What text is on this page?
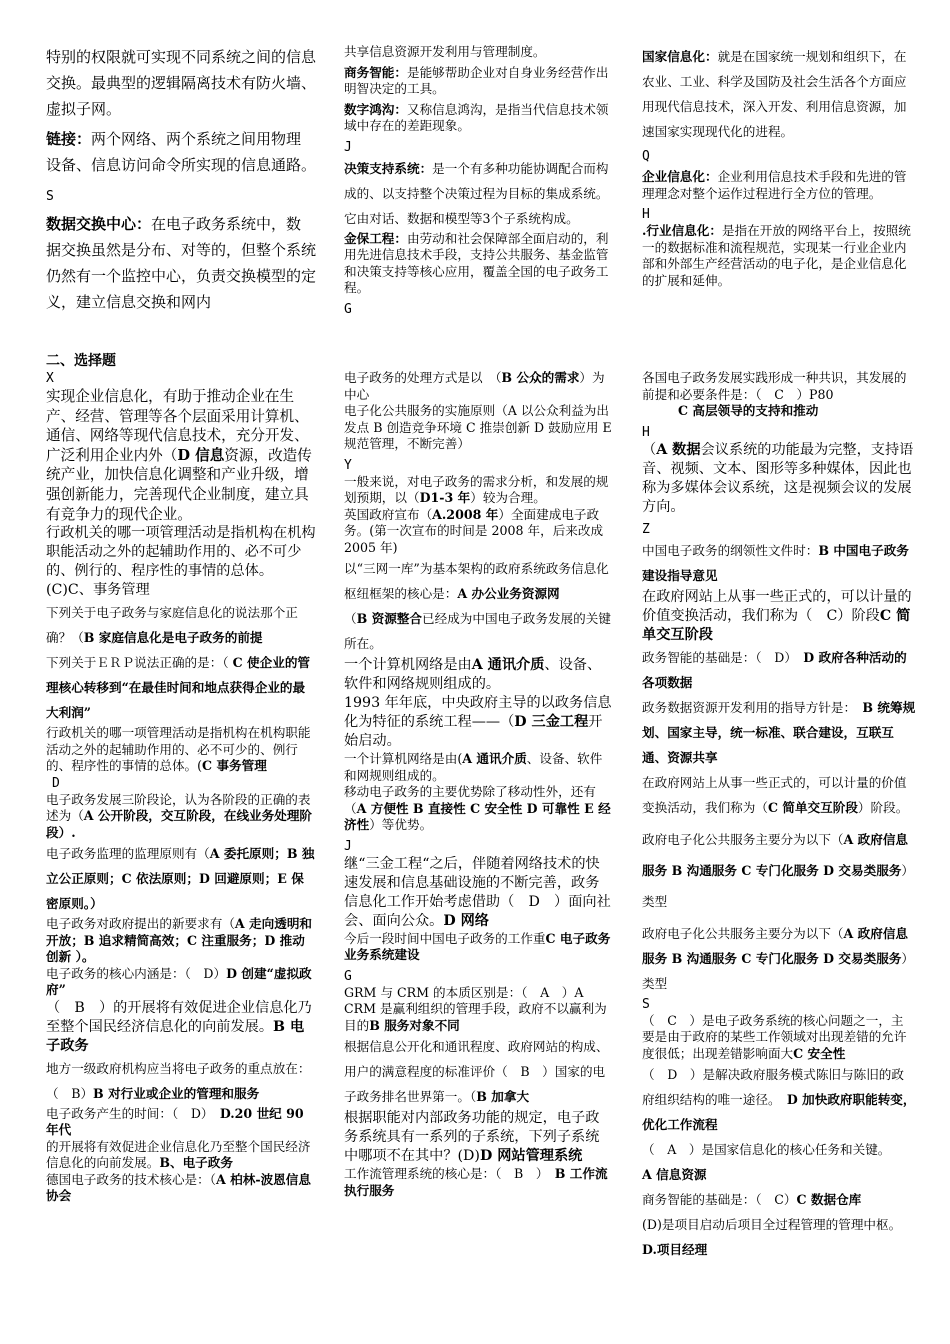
特别的权限就可实现不同系统之间的信息交换。最典型的逻辑隔离技术有防火墙、虚拟子网。

链接：两个网络、两个系统之间用物理设备、信息访问命令所实现的信息通路。

S

数据交换中心：在电子政务系统中，数据交换虽然是分布、对等的，但整个系统仍然有一个监控中心，负责交换模型的定义，建立信息交换和网内

共享信息资源开发利用与管理制度。

商务智能：是能够帮助企业对自身业务经营作出明智决定的工具。

数字鸿沟：又称信息鸿沟，是指当代信息技术领域中存在的差距现象。

J

决策支持系统：是一个有多种功能协调配合而构成的、以支持整个决策过程为目标的集成系统。它由对话、数据和模型等3个子系统构成。

金保工程：由劳动和社会保障部全面启动的，利用先进信息技术手段，支持公共服务、基金监管和决策支持等核心应用，覆盖全国的电子政务工程。

G

国家信息化：就是在国家统一规划和组织下，在农业、工业、科学及国防及社会生活各个方面应用现代信息技术，深入开发、利用信息资源，加速国家实现现代化的进程。

Q

企业信息化：企业利用信息技术手段和先进的管理理念对整个运作过程进行全方位的管理。

H

.行业信息化：是指在开放的网络平台上，按照统一的数据标准和流程规范，实现某一行业企业内部和外部生产经营活动的电子化，是企业信息化的扩展和延伸。

二、选择题

X

实现企业信息化，有助于推动企业在生产、经营、管理等各个层面采用计算机、通信、网络等现代信息技术，充分开发、广泛利用企业内外（D 信息资源，改造传统产业，加快信息化调整和产业升级，增强创新能力，完善现代企业制度，建立具有竞争力的现代企业。

行政机关的哪一项管理活动是指机构在机构职能活动之外的起辅助作用的、必不可少的、例行的、程序性的事情的总体。(C)C、事务管理

下列关于电子政务与家庭信息化的说法那个正确？（B 家庭信息化是电子政务的前提

下列关于ＥＲＰ说法正确的是：（ C 使企业的管理核心转移到“在最佳时间和地点获得企业的最大利润”

行政机关的哪一项管理活动是指机构在机构职能活动之外的起辅助作用的、必不可少的、例行的、程序性的事情的总体。(C 事务管理

D

电子政务发展三阶段论，认为各阶段的正确的表述为（A 公开阶段，交互阶段，在线业务处理阶段）.

电子政务监理的监理原则有（A 委托原则；B 独立公正原则；C 依法原则；D 回避原则；E 保密原则。）

电子政务对政府提出的新要求有（A 走向透明和开放；B 追求精简高效；C 注重服务；D 推动创新 ）。

电子政务的核心内涵是：（　D）D 创建“虚拟政府”

（　B　）的开展将有效促进企业信息化乃至整个国民经济信息化的向前发展。B 电子政务

地方一级政府机构应当将电子政务的重点放在：（　B）B 对行业或企业的管理和服务

电子政务产生的时间：（　D）　D.20 世纪 90 年代

的开展将有效促进企业信息化乃至整个国民经济信息化的向前发展。B、电子政务

德国电子政务的技术核心是：（A 柏林-波恩信息协会

电子政务的处理方式是以　（B 公众的需求）为中心

电子化公共服务的实施原则（A 以公众利益为出发点 B 创造竞争环境 C 推崇创新 D 鼓励应用 E 规范管理，不断完善）

Y

一般来说，对电子政务的需求分析，和发展的规划预期，以（D1-3 年）较为合理。

英国政府宣布（A.2008 年）全面建成电子政务。(第一次宣布的时间是 2008 年，后来改成 2005 年)

以“三网一库”为基本架构的政府系统政务信息化枢纽框架的核心是：A 办公业务资源网

（B 资源整合已经成为中国电子政务发展的关键所在。

一个计算机网络是由A 通讯介质、设备、软件和网络规则组成的。

1993 年年底，中央政府主导的以政务信息化为特征的系统工程——（D 三金工程开始启动。

一个计算机网络是由(A 通讯介质、设备、软件和网规则组成的。

移动电子政务的主要优势除了移动性外，还有（A 方便性 B 直接性 C 安全性 D 可靠性 E 经济性）等优势。

J

继“三金工程“之后，伴随着网络技术的快速发展和信息基础设施的不断完善，政务信息化工作开始考虑借助（　D　）面向社会、面向公众。D 网络

今后一段时间中国电子政务的工作重C 电子政务业务系统建设

G

GRM 与 CRM 的本质区别是：（　A　）A CRM 是赢利组织的管理手段，政府不以赢利为目的B 服务对象不同

根据信息公开化和通讯程度、政府网站的构成、用户的满意程度的标准评价（　B　）国家的电子政务排名世界第一。（B 加拿大

根据职能对内部政务功能的规定，电子政务系统具有一系列的子系统，下列子系统中哪项不在其中？(D)D 网站管理系统

工作流管理系统的核心是：（　B　）　B 工作流执行服务

各国电子政务发展实践形成一种共识，其发展的前提和必要条件是：（　C　）P80
C 高层领导的支持和推动

H

（A 数据会议系统的功能最为完整，支持语音、视频、文本、图形等多种媒体，因此也称为多媒体会议系统，这是视频会议的发展方向。

Z

中国电子政务的纲领性文件时：B 中国电子政务建设指导意见

在政府网站上从事一些正式的，可以计量的价值变换活动，我们称为（　C）阶段C 简单交互阶段

政务智能的基础是：（　D）　D 政府各种活动的各项数据

政务数据资源开发利用的指导方针是：　B 统筹规划、国家主导，统一标准、联合建设，互联互通、资源共享

在政府网站上从事一些正式的，可以计量的价值变换活动，我们称为（C 简单交互阶段）阶段。

政府电子化公共服务主要分为以下（A 政府信息服务 B 沟通服务 C 专门化服务 D 交易类服务）类型

政府电子化公共服务主要分为以下（A 政府信息服务 B 沟通服务 C 专门化服务 D 交易类服务）类型

S

（　C　）是电子政务系统的核心问题之一，主要是由于政府的某些工作领域对出现差错的允许度很低；出现差错影响面大C 安全性

（　D　）是解决政府服务模式陈旧与陈旧的政府组织结构的唯一途径。　D 加快政府职能转变，优化工作流程

（　A　）是国家信息化的核心任务和关键。
A 信息资源

商务智能的基础是：（　C）C 数据仓库

(D)是项目启动后项目全过程管理的管理中枢。D.项目经理
